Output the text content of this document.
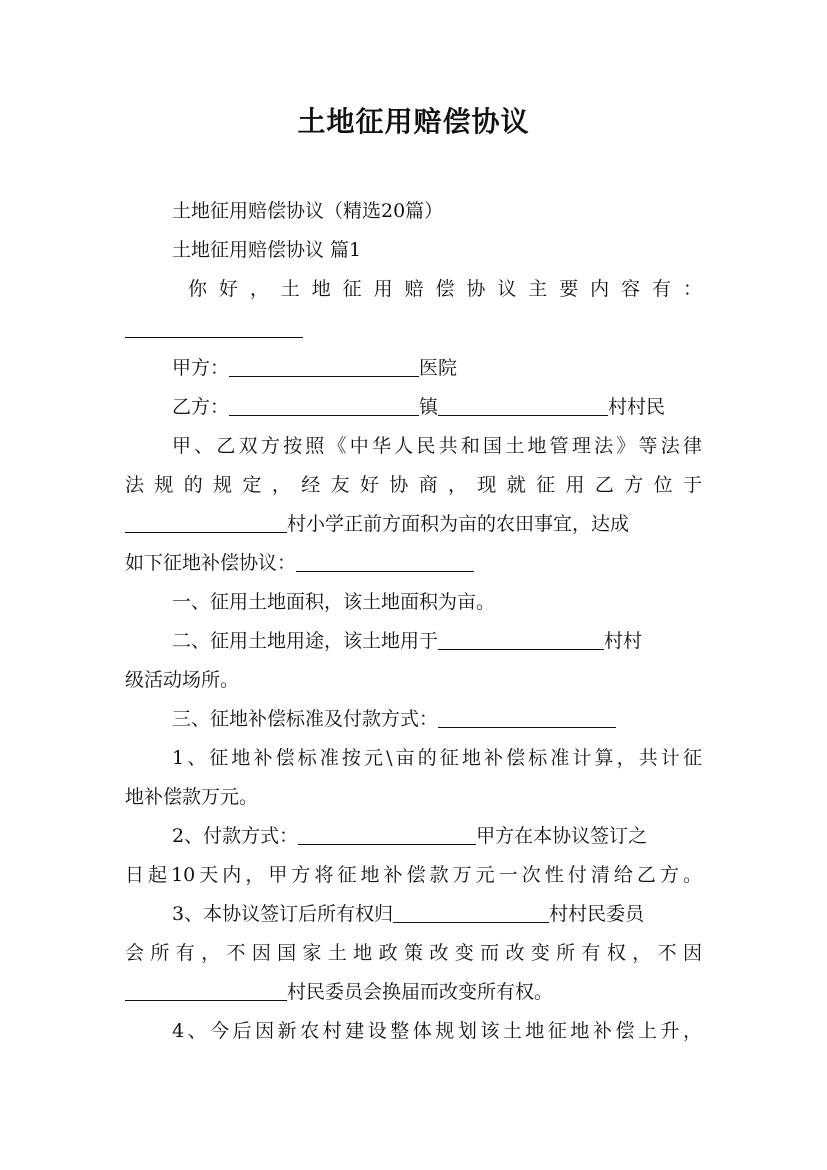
土地征用赔偿协议
土地征用赔偿协议（精选20篇）
土地征用赔偿协议 篇1
你好，土地征用赔偿协议主要内容有：
甲方：	医院
乙方：	镇	村村民
甲、乙双方按照《中华人民共和国土地管理法》等法律
法规的规定，经友好协商，现就征用乙方位于
村小学正前方面积为亩的农田事宜，达成
如下征地补偿协议：
一、征用土地面积，该土地面积为亩。
二、征用土地用途，该土地用于	村村
级活动场所。
三、征地补偿标准及付款方式：
1、征地补偿标准按元\亩的征地补偿标准计算，共计征
地补偿款万元。
2、付款方式：	甲方在本协议签订之
日起10天内，甲方将征地补偿款万元一次性付清给乙方。
3、本协议签订后所有权归	村村民委员
会所有，不因国家土地政策改变而改变所有权，不因
村民委员会换届而改变所有权。
4、今后因新农村建设整体规划该土地征地补偿上升，
